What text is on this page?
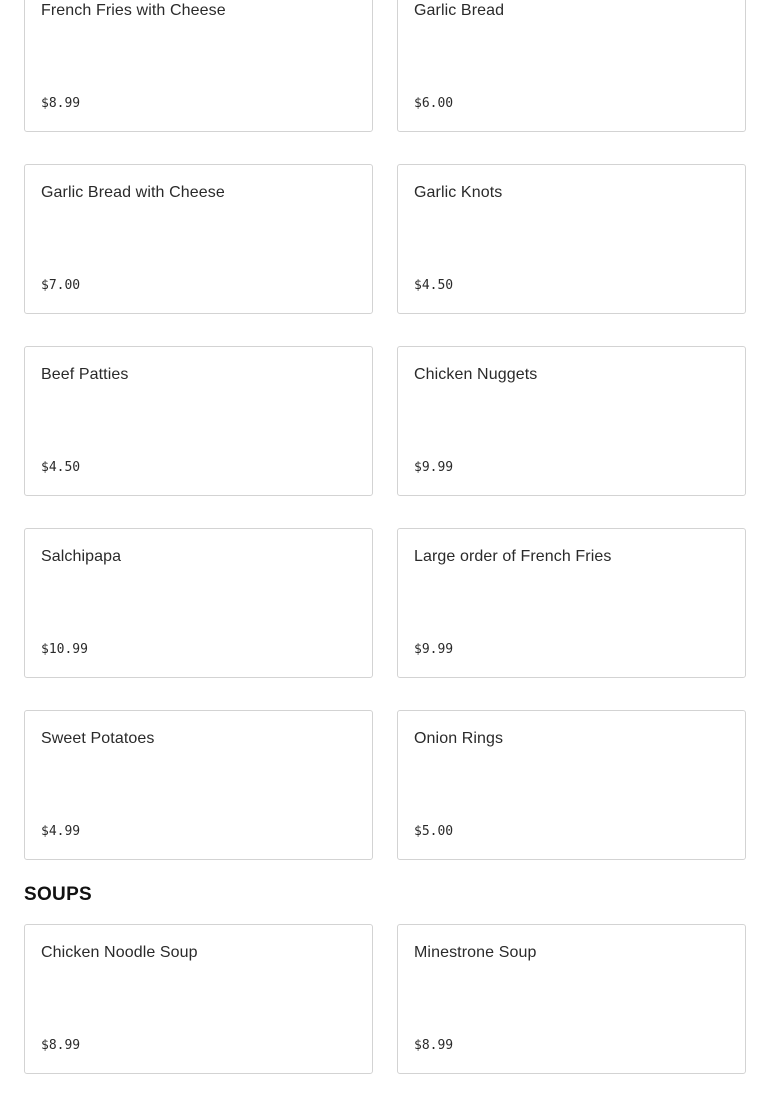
French Fries with Cheese
$8.99
Garlic Bread
$6.00
Garlic Bread with Cheese
$7.00
Garlic Knots
$4.50
Beef Patties
$4.50
Chicken Nuggets
$9.99
Salchipapa
$10.99
Large order of French Fries
$9.99
Sweet Potatoes
$4.99
Onion Rings
$5.00
SOUPS
Chicken Noodle Soup
$8.99
Minestrone Soup
$8.99
